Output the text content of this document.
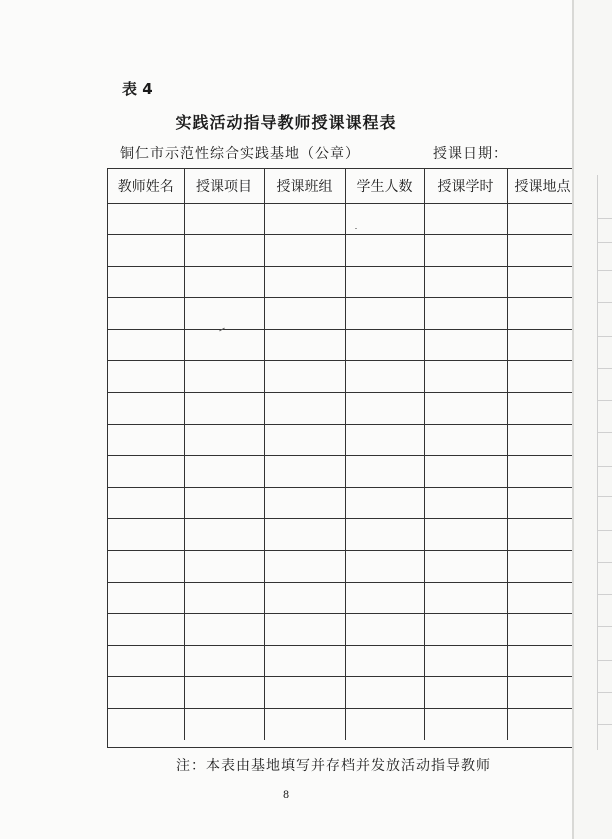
表 4
实践活动指导教师授课课程表
铜仁市示范性综合实践基地（公章）	授课日期：
教师姓名	授课项目	授课班组	学生人数	授课学时	授课地点

注：本表由基地填写并存档并发放活动指导教师
8
